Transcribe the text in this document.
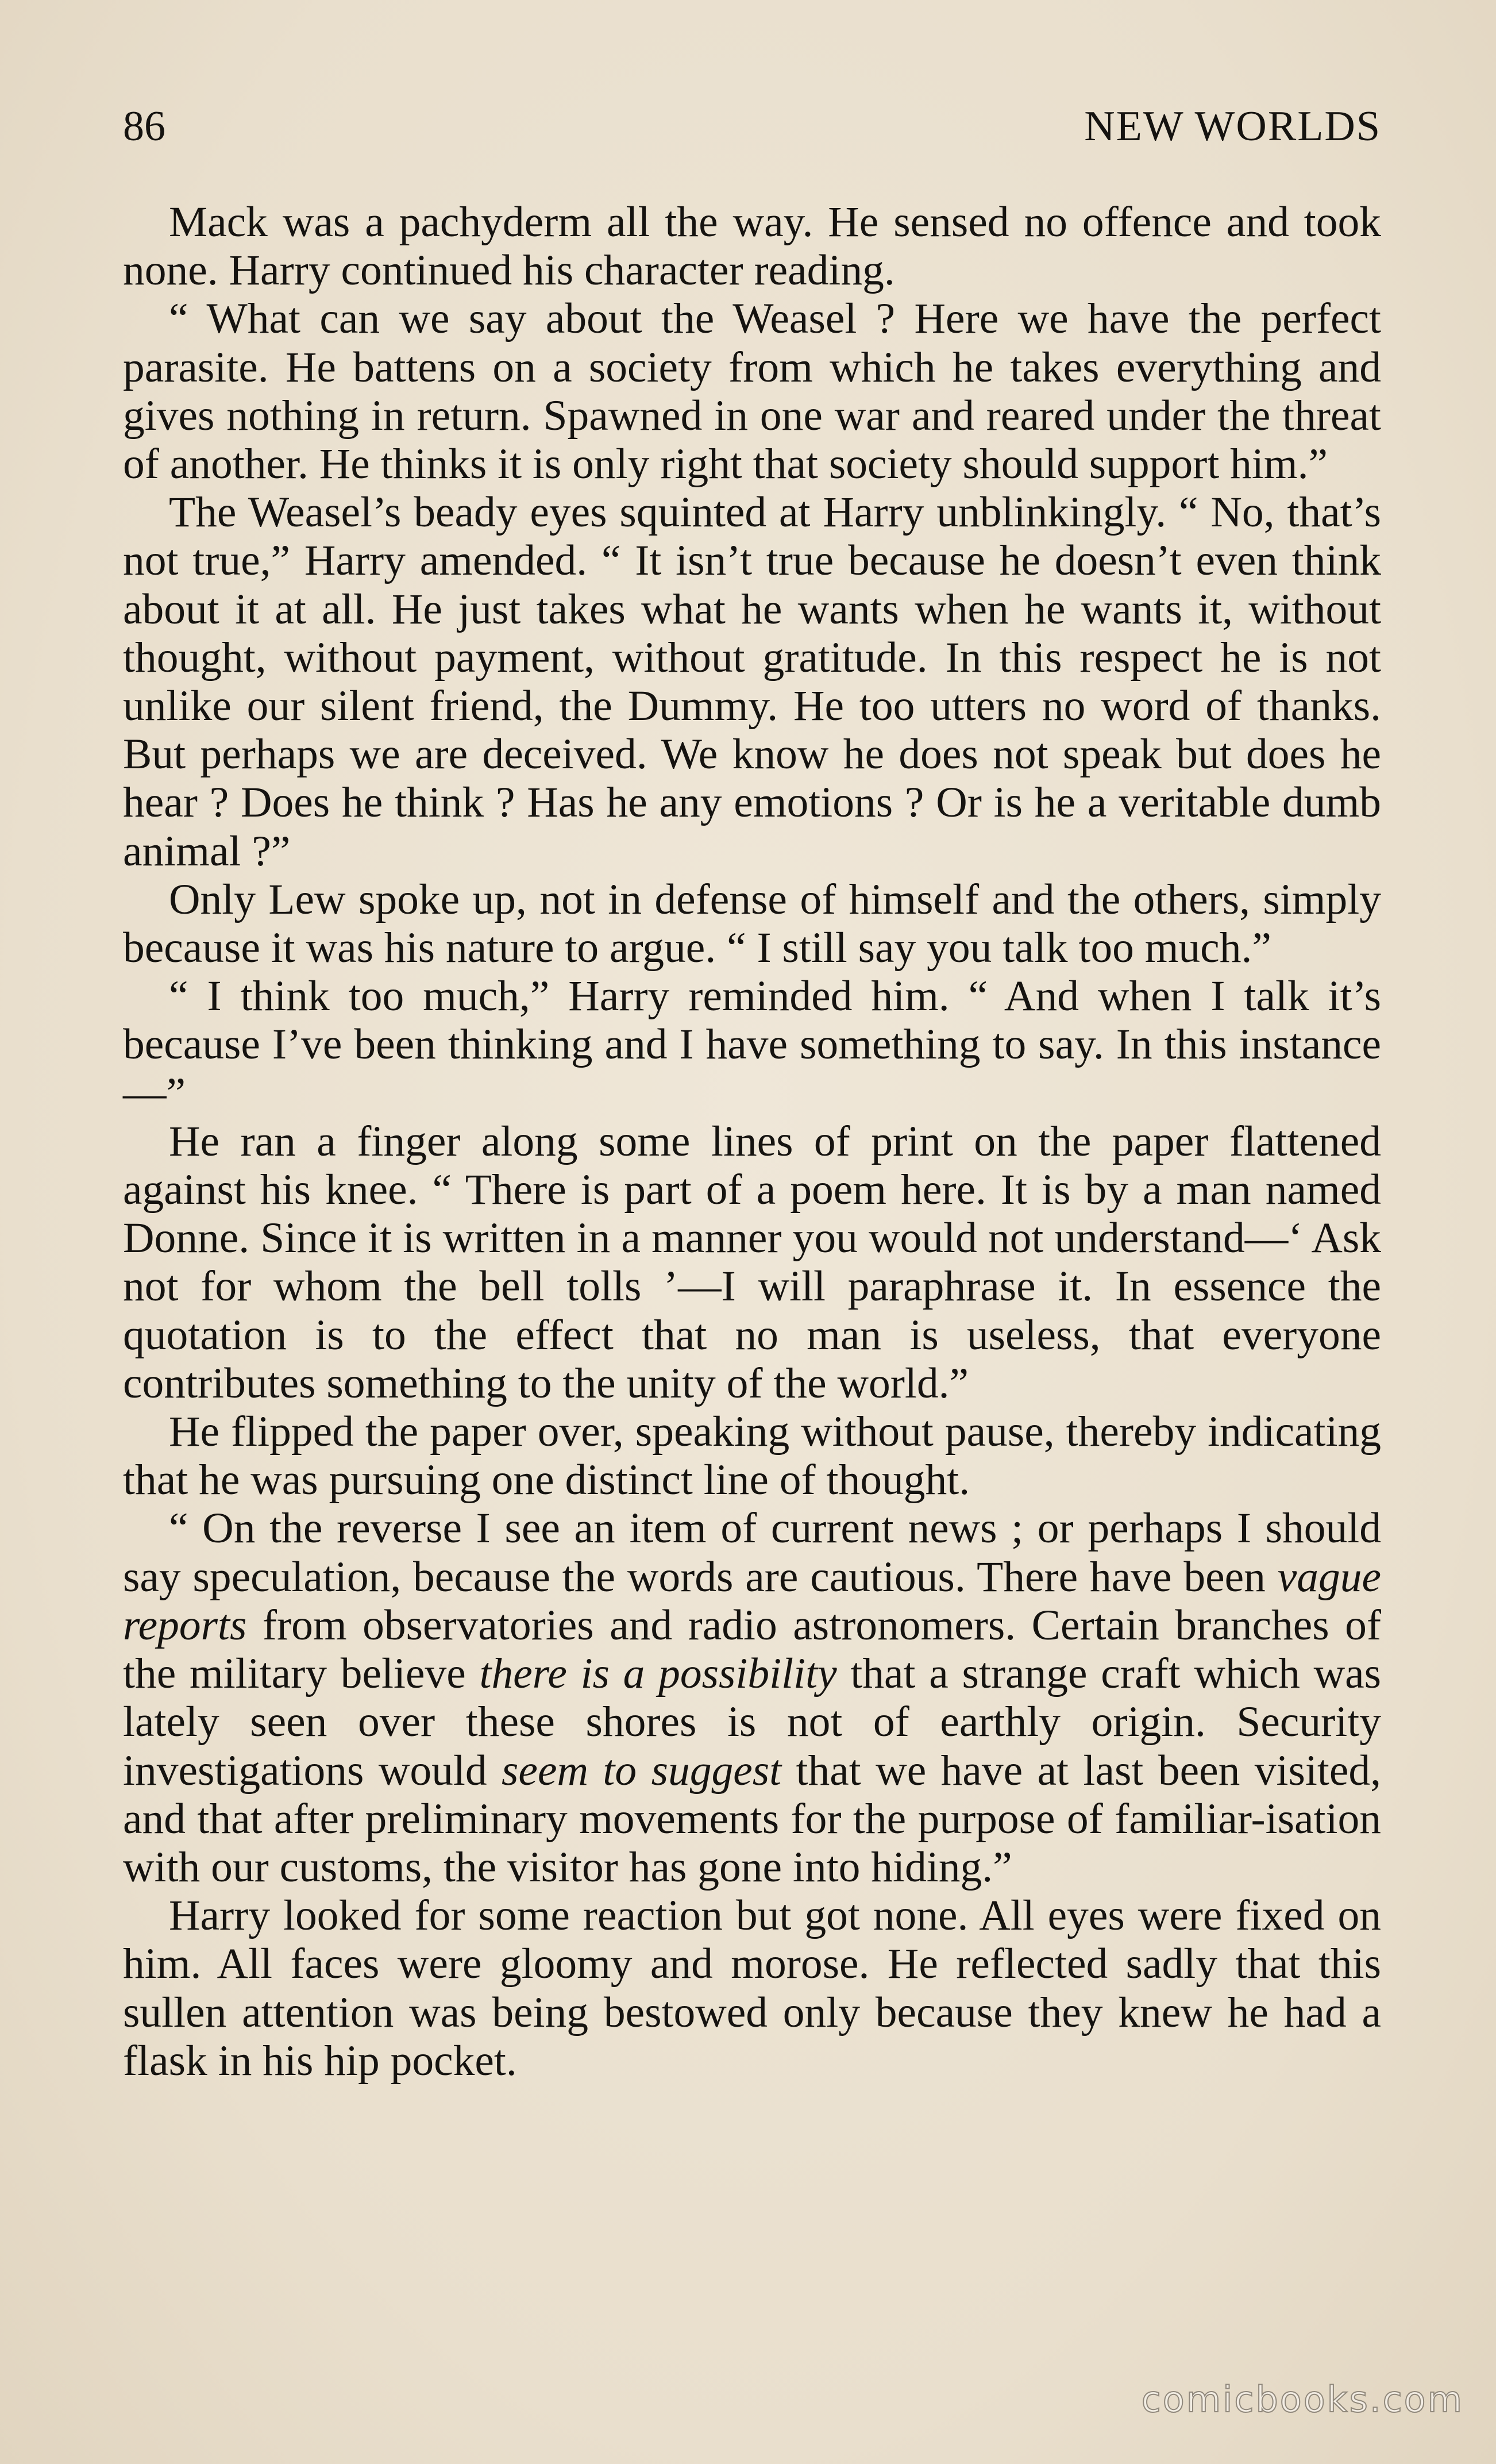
86	NEW WORLDS

Mack was a pachyderm all the way. He sensed no offence and took none. Harry continued his character reading.

“ What can we say about the Weasel ? Here we have the perfect parasite. He battens on a society from which he takes everything and gives nothing in return. Spawned in one war and reared under the threat of another. He thinks it is only right that society should support him.”

The Weasel’s beady eyes squinted at Harry unblinkingly. “ No, that’s not true,” Harry amended. “ It isn’t true because he doesn’t even think about it at all. He just takes what he wants when he wants it, without thought, without payment, without gratitude. In this respect he is not unlike our silent friend, the Dummy. He too utters no word of thanks. But perhaps we are deceived. We know he does not speak but does he hear ? Does he think ? Has he any emotions ? Or is he a veritable dumb animal ?”

Only Lew spoke up, not in defense of himself and the others, simply because it was his nature to argue. “ I still say you talk too much.”

“ I think too much,” Harry reminded him. “ And when I talk it’s because I’ve been thinking and I have something to say. In this instance—”

He ran a finger along some lines of print on the paper flattened against his knee. “ There is part of a poem here. It is by a man named Donne. Since it is written in a manner you would not understand—‘ Ask not for whom the bell tolls ’—I will paraphrase it. In essence the quotation is to the effect that no man is useless, that everyone contributes something to the unity of the world.”

He flipped the paper over, speaking without pause, thereby indicating that he was pursuing one distinct line of thought.

“ On the reverse I see an item of current news ; or perhaps I should say speculation, because the words are cautious. There have been vague reports from observatories and radio astronomers. Certain branches of the military believe there is a possibility that a strange craft which was lately seen over these shores is not of earthly origin. Security investigations would seem to suggest that we have at last been visited, and that after preliminary movements for the purpose of familiar-isation with our customs, the visitor has gone into hiding.”

Harry looked for some reaction but got none. All eyes were fixed on him. All faces were gloomy and morose. He reflected sadly that this sullen attention was being bestowed only because they knew he had a flask in his hip pocket.

comicbooks.com
